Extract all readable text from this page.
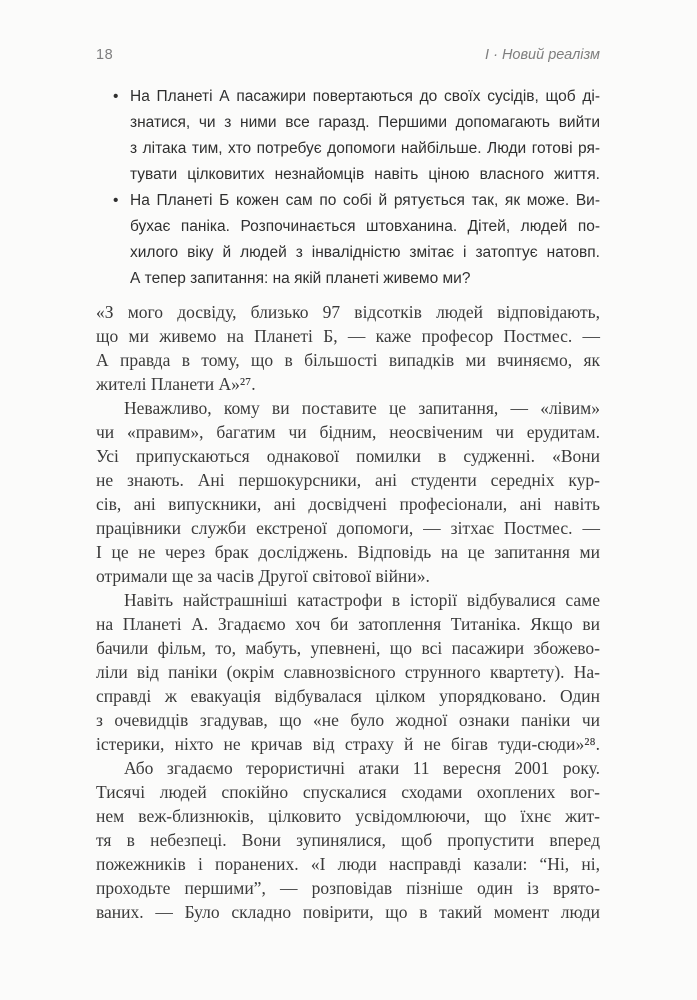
18	І · Новий реалізм
• На Планеті А пасажири повертаються до своїх сусідів, щоб ді-
знатися, чи з ними все гаразд. Першими допомагають вийти
з літака тим, хто потребує допомоги найбільше. Люди готові ря-
тувати цілковитих незнайомців навіть ціною власного життя.
• На Планеті Б кожен сам по собі й рятується так, як може. Ви-
бухає паніка. Розпочинається штовханина. Дітей, людей по-
хилого віку й людей з інвалідністю змітає і затоптує натовп.

А тепер запитання: на якій планеті живемо ми?

«З мого досвіду, близько 97 відсотків людей відповідають,
що ми живемо на Планеті Б, — каже професор Постмес. —
А правда в тому, що в більшості випадків ми вчиняємо, як
жителі Планети А»²⁷.
Неважливо, кому ви поставите це запитання, — «лівим»
чи «правим», багатим чи бідним, неосвіченим чи ерудитам.
Усі припускаються однакової помилки в судженні. «Вони
не знають. Ані першокурсники, ані студенти середніх кур-
сів, ані випускники, ані досвідчені професіонали, ані навіть
працівники служби екстреної допомоги, — зітхає Постмес. —
І це не через брак досліджень. Відповідь на це запитання ми
отримали ще за часів Другої світової війни».
Навіть найстрашніші катастрофи в історії відбувалися саме
на Планеті А. Згадаємо хоч би затоплення Титаніка. Якщо ви
бачили фільм, то, мабуть, упевнені, що всі пасажири збожево-
ліли від паніки (окрім славнозвісного струнного квартету). На-
справді ж евакуація відбувалася цілком упорядковано. Один
з очевидців згадував, що «не було жодної ознаки паніки чи
істерики, ніхто не кричав від страху й не бігав туди-сюди»²⁸.
Або згадаємо терористичні атаки 11 вересня 2001 року.
Тисячі людей спокійно спускалися сходами охоплених вог-
нем веж-близнюків, цілковито усвідомлюючи, що їхнє жит-
тя в небезпеці. Вони зупинялися, щоб пропустити вперед
пожежників і поранених. «І люди насправді казали: “Ні, ні,
проходьте першими”, — розповідав пізніше один із врято-
ваних. — Було складно повірити, що в такий момент люди
